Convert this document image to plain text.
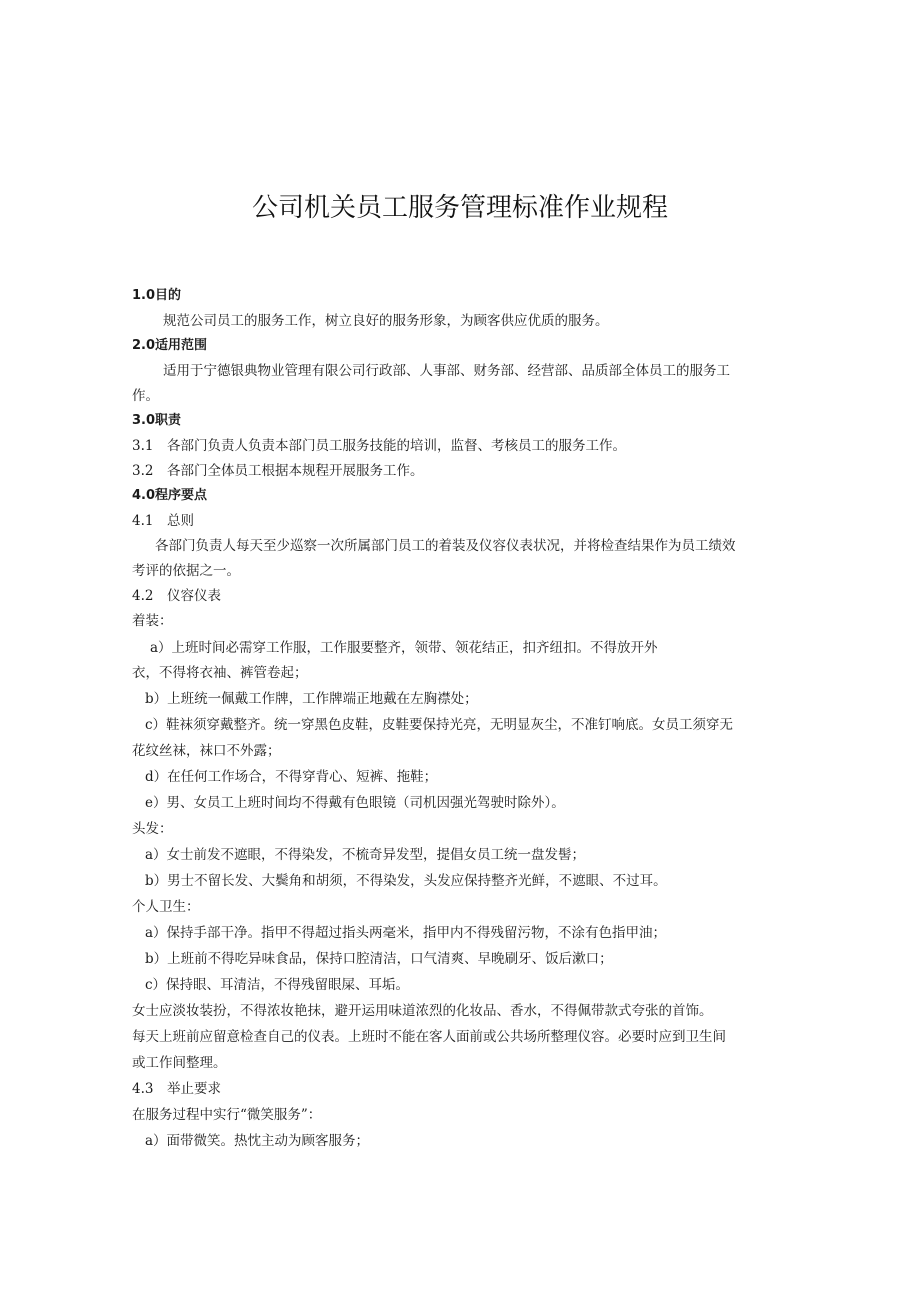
公司机关员工服务管理标准作业规程
1.0目的
规范公司员工的服务工作，树立良好的服务形象，为顾客供应优质的服务。
2.0适用范围
适用于宁德银典物业管理有限公司行政部、人事部、财务部、经营部、品质部全体员工的服务工
作。
3.0职责
3.1　各部门负责人负责本部门员工服务技能的培训，监督、考核员工的服务工作。
3.2　各部门全体员工根据本规程开展服务工作。
4.0程序要点
4.1　总则
各部门负责人每天至少巡察一次所属部门员工的着装及仪容仪表状况，并将检查结果作为员工绩效
考评的依据之一。
4.2　仪容仪表
着装：
a）上班时间必需穿工作服，工作服要整齐，领带、领花结正，扣齐纽扣。不得放开外
衣，不得将衣袖、裤管卷起；
b）上班统一佩戴工作牌，工作牌端正地戴在左胸襟处；
c）鞋袜须穿戴整齐。统一穿黑色皮鞋，皮鞋要保持光亮，无明显灰尘，不准钉响底。女员工须穿无
花纹丝袜，袜口不外露；
d）在任何工作场合，不得穿背心、短裤、拖鞋；
e）男、女员工上班时间均不得戴有色眼镜（司机因强光驾驶时除外）。
头发：
a）女士前发不遮眼，不得染发，不梳奇异发型，提倡女员工统一盘发髻；
b）男士不留长发、大鬓角和胡须，不得染发，头发应保持整齐光鲜，不遮眼、不过耳。
个人卫生：
a）保持手部干净。指甲不得超过指头两毫米，指甲内不得残留污物，不涂有色指甲油；
b）上班前不得吃异味食品，保持口腔清洁，口气清爽、早晚刷牙、饭后漱口；
c）保持眼、耳清洁，不得残留眼屎、耳垢。
女士应淡妆装扮，不得浓妆艳抹，避开运用味道浓烈的化妆品、香水，不得佩带款式夸张的首饰。
每天上班前应留意检查自己的仪表。上班时不能在客人面前或公共场所整理仪容。必要时应到卫生间
或工作间整理。
4.3　举止要求
在服务过程中实行“微笑服务”：
a）面带微笑。热忱主动为顾客服务；
